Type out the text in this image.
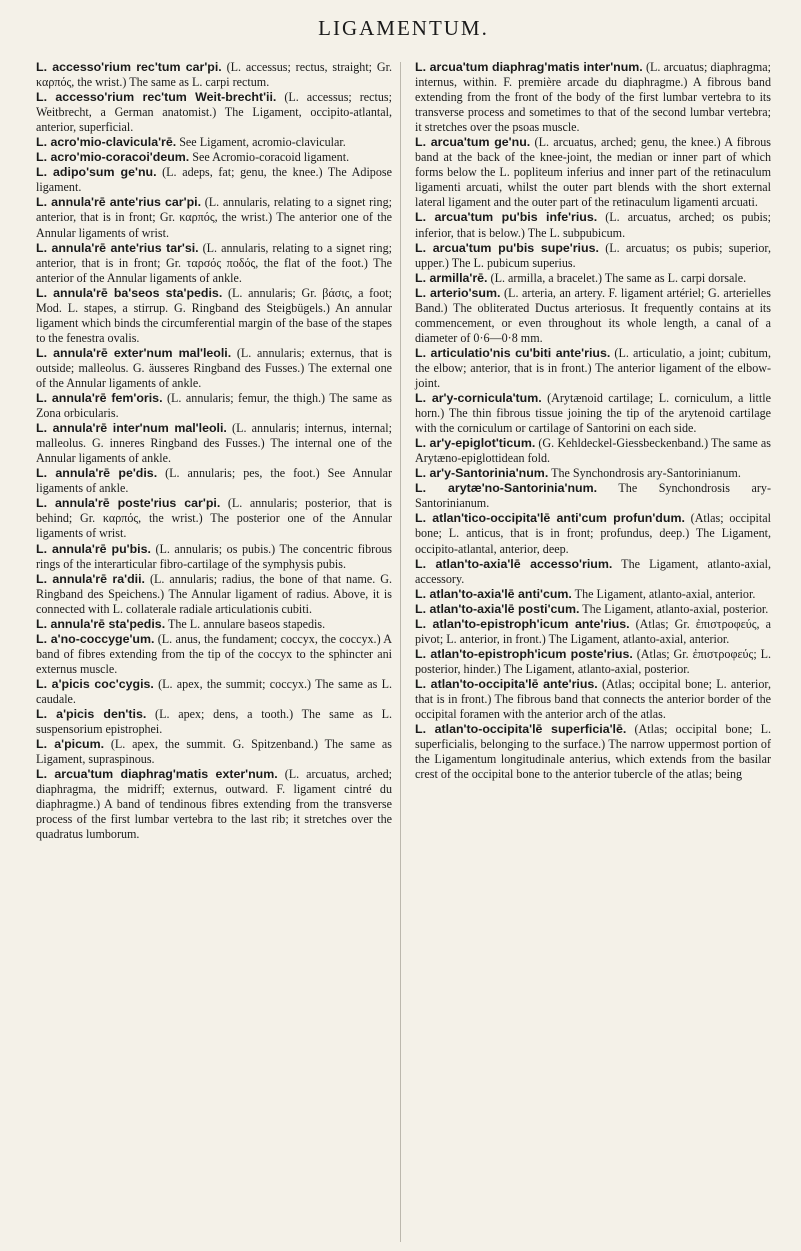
LIGAMENTUM.

L. accesso'rium rec'tum car'pi. (L. accessus; rectus, straight; Gr. καρπός, the wrist.) The same as L. carpi rectum.

L. accesso'rium rec'tum Weit-brecht'ii. (L. accessus; rectus; Weitbrecht, a German anatomist.) The Ligament, occipito-atlantal, anterior, superficial.

L. acro'mio-clavicula'rē. See Ligament, acromio-clavicular.

L. acro'mio-coracoi'deum. See Acromio-coracoid ligament.

L. adipo'sum ge'nu. (L. adeps, fat; genu, the knee.) The Adipose ligament.

L. annula'rē ante'rius car'pi. (L. annularis, relating to a signet ring; anterior, that is in front; Gr. καρπός, the wrist.) The anterior one of the Annular ligaments of wrist.

L. annula'rē ante'rius tar'si. (L. annularis, relating to a signet ring; anterior, that is in front; Gr. ταρσός ποδός, the flat of the foot.) The anterior of the Annular ligaments of ankle.

L. annula'rē ba'seos sta'pedis. (L. annularis; Gr. βάσις, a foot; Mod. L. stapes, a stirrup. G. Ringband des Steigbügels.) An annular ligament which binds the circumferential margin of the base of the stapes to the fenestra ovalis.

L. annula'rē exter'num mal'leoli. (L. annularis; externus, that is outside; malleolus. G. äusseres Ringband des Fusses.) The external one of the Annular ligaments of ankle.

L. annula'rē fem'oris. (L. annularis; femur, the thigh.) The same as Zona orbicularis.

L. annula'rē inter'num mal'leoli. (L. annularis; internus, internal; malleolus. G. inneres Ringband des Fusses.) The internal one of the Annular ligaments of ankle.

L. annula'rē pe'dis. (L. annularis; pes, the foot.) See Annular ligaments of ankle.

L. annula'rē poste'rius car'pi. (L. annularis; posterior, that is behind; Gr. καρπός, the wrist.) The posterior one of the Annular ligaments of wrist.

L. annula'rē pu'bis. (L. annularis; os pubis.) The concentric fibrous rings of the interarticular fibro-cartilage of the symphysis pubis.

L. annula'rē ra'dii. (L. annularis; radius, the bone of that name. G. Ringband des Speichens.) The Annular ligament of radius. Above, it is connected with L. collaterale radiale articulationis cubiti.

L. annula'rē sta'pedis. The L. annulare baseos stapedis.

L. a'no-coccyge'um. (L. anus, the fundament; coccyx, the coccyx.) A band of fibres extending from the tip of the coccyx to the sphincter ani externus muscle.

L. a'picis coc'cygis. (L. apex, the summit; coccyx.) The same as L. caudale.

L. a'picis den'tis. (L. apex; dens, a tooth.) The same as L. suspensorium epistrophei.

L. a'picum. (L. apex, the summit. G. Spitzenband.) The same as Ligament, supraspinous.

L. arcua'tum diaphrag'matis exter'num. (L. arcuatus, arched; diaphragma, the midriff; externus, outward. F. ligament cintré du diaphragme.) A band of tendinous fibres extending from the transverse process of the first lumbar vertebra to the last rib; it stretches over the quadratus lumborum.

L. arcua'tum diaphrag'matis inter'num. (L. arcuatus; diaphragma; internus, within. F. première arcade du diaphragme.) A fibrous band extending from the front of the body of the first lumbar vertebra to its transverse process and sometimes to that of the second lumbar vertebra; it stretches over the psoas muscle.

L. arcua'tum ge'nu. (L. arcuatus, arched; genu, the knee.) A fibrous band at the back of the knee-joint, the median or inner part of which forms below the L. popliteum inferius and inner part of the retinaculum ligamenti arcuati, whilst the outer part blends with the short external lateral ligament and the outer part of the retinaculum ligamenti arcuati.

L. arcua'tum pu'bis infe'rius. (L. arcuatus, arched; os pubis; inferior, that is below.) The L. subpubicum.

L. arcua'tum pu'bis supe'rius. (L. arcuatus; os pubis; superior, upper.) The L. pubicum superius.

L. armilla'rē. (L. armilla, a bracelet.) The same as L. carpi dorsale.

L. arterio'sum. (L. arteria, an artery. F. ligament artériel; G. arterielles Band.) The obliterated Ductus arteriosus. It frequently contains at its commencement, or even throughout its whole length, a canal of a diameter of 0·6—0·8 mm.

L. articulatio'nis cu'biti ante'rius. (L. articulatio, a joint; cubitum, the elbow; anterior, that is in front.) The anterior ligament of the elbow-joint.

L. ar'y-cornicula'tum. (Arytænoid cartilage; L. corniculum, a little horn.) The thin fibrous tissue joining the tip of the arytenoid cartilage with the corniculum or cartilage of Santorini on each side.

L. ar'y-epiglot'ticum. (G. Kehldeckel-Giessbeckenband.) The same as Arytæno-epiglottidean fold.

L. ar'y-Santorinia'num. The Synchondrosis ary-Santorinianum.

L. arytæ'no-Santorinia'num. The Synchondrosis ary-Santorinianum.

L. atlan'tico-occipita'lē anti'cum profun'dum. (Atlas; occipital bone; L. anticus, that is in front; profundus, deep.) The Ligament, occipito-atlantal, anterior, deep.

L. atlan'to-axia'lē accesso'rium. The Ligament, atlanto-axial, accessory.

L. atlan'to-axia'lē anti'cum. The Ligament, atlanto-axial, anterior.

L. atlan'to-axia'lē posti'cum. The Ligament, atlanto-axial, posterior.

L. atlan'to-epistroph'icum ante'rius. (Atlas; Gr. ἐπιστροφεύς, a pivot; L. anterior, in front.) The Ligament, atlanto-axial, anterior.

L. atlan'to-epistroph'icum poste'rius. (Atlas; Gr. ἐπιστροφεύς; L. posterior, hinder.) The Ligament, atlanto-axial, posterior.

L. atlan'to-occipita'lē ante'rius. (Atlas; occipital bone; L. anterior, that is in front.) The fibrous band that connects the anterior border of the occipital foramen with the anterior arch of the atlas.

L. atlan'to-occipita'lē superficia'lē. (Atlas; occipital bone; L. superficialis, belonging to the surface.) The narrow uppermost portion of the Ligamentum longitudinale anterius, which extends from the basilar crest of the occipital bone to the anterior tubercle of the atlas; being
